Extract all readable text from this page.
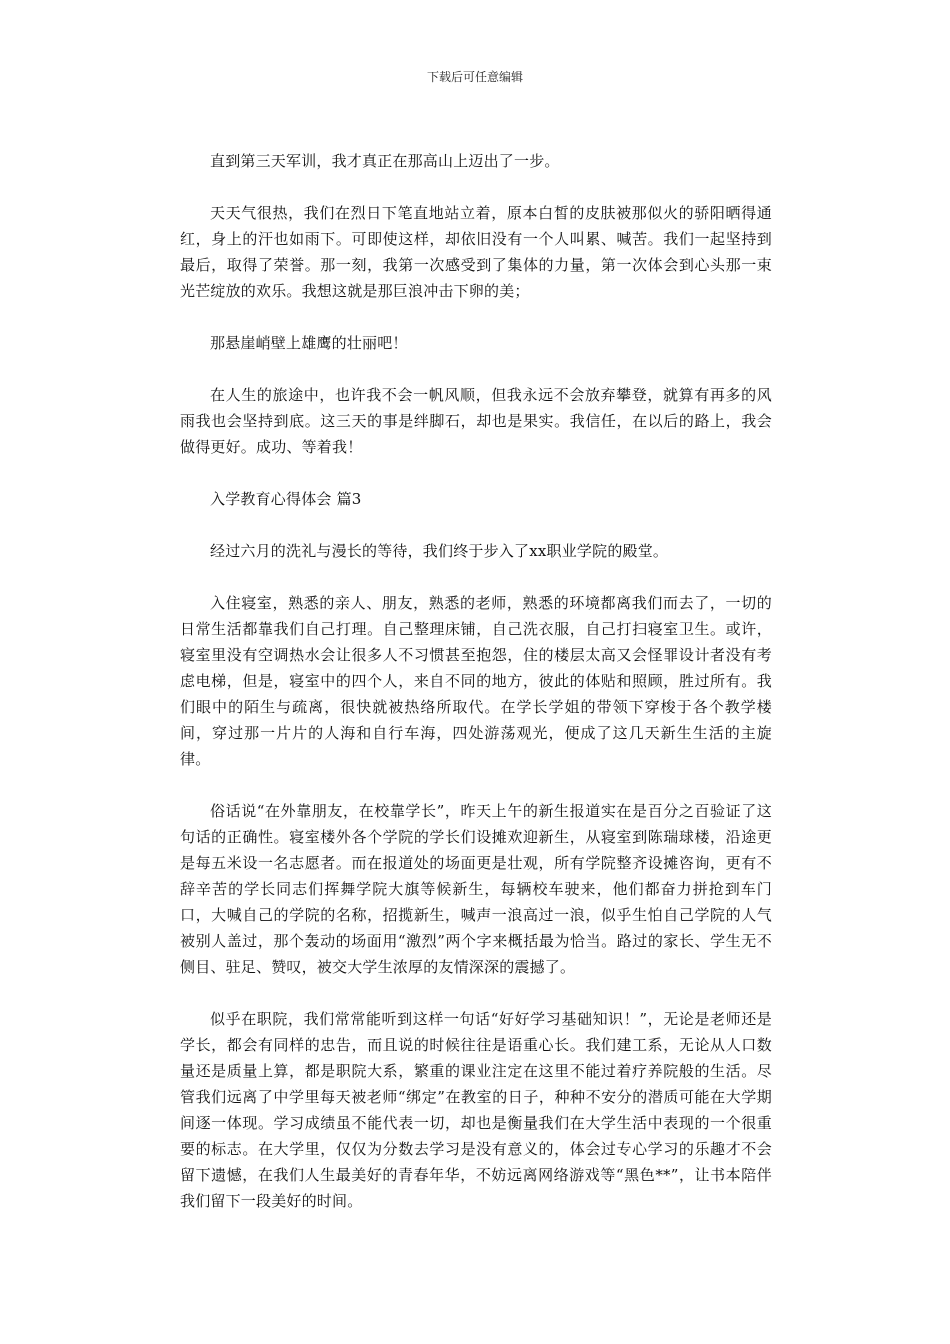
下载后可任意编辑

直到第三天军训，我才真正在那高山上迈出了一步。

天天气很热，我们在烈日下笔直地站立着，原本白皙的皮肤被那似火的骄阳晒得通红，身上的汗也如雨下。可即使这样，却依旧没有一个人叫累、喊苦。我们一起坚持到最后，取得了荣誉。那一刻，我第一次感受到了集体的力量，第一次体会到心头那一束光芒绽放的欢乐。我想这就是那巨浪冲击下卵的美；

那悬崖峭壁上雄鹰的壮丽吧！

在人生的旅途中，也许我不会一帆风顺，但我永远不会放弃攀登，就算有再多的风雨我也会坚持到底。这三天的事是绊脚石，却也是果实。我信任，在以后的路上，我会做得更好。成功、等着我！

入学教育心得体会 篇3

经过六月的洗礼与漫长的等待，我们终于步入了xx职业学院的殿堂。

入住寝室，熟悉的亲人、朋友，熟悉的老师，熟悉的环境都离我们而去了，一切的日常生活都靠我们自己打理。自己整理床铺，自己洗衣服，自己打扫寝室卫生。或许，寝室里没有空调热水会让很多人不习惯甚至抱怨，住的楼层太高又会怪罪设计者没有考虑电梯，但是，寝室中的四个人，来自不同的地方，彼此的体贴和照顾，胜过所有。我们眼中的陌生与疏离，很快就被热络所取代。在学长学姐的带领下穿梭于各个教学楼间，穿过那一片片的人海和自行车海，四处游荡观光，便成了这几天新生生活的主旋律。

俗话说“在外靠朋友，在校靠学长”，昨天上午的新生报道实在是百分之百验证了这句话的正确性。寝室楼外各个学院的学长们设摊欢迎新生，从寝室到陈瑞球楼，沿途更是每五米设一名志愿者。而在报道处的场面更是壮观，所有学院整齐设摊咨询，更有不辞辛苦的学长同志们挥舞学院大旗等候新生，每辆校车驶来，他们都奋力拼抢到车门口，大喊自己的学院的名称，招揽新生，喊声一浪高过一浪，似乎生怕自己学院的人气被别人盖过，那个轰动的场面用“激烈”两个字来概括最为恰当。路过的家长、学生无不侧目、驻足、赞叹，被交大学生浓厚的友情深深的震撼了。

似乎在职院，我们常常能听到这样一句话“好好学习基础知识！”，无论是老师还是学长，都会有同样的忠告，而且说的时候往往是语重心长。我们建工系，无论从人口数量还是质量上算，都是职院大系，繁重的课业注定在这里不能过着疗养院般的生活。尽管我们远离了中学里每天被老师“绑定”在教室的日子，种种不安分的潜质可能在大学期间逐一体现。学习成绩虽不能代表一切，却也是衡量我们在大学生活中表现的一个很重要的标志。在大学里，仅仅为分数去学习是没有意义的，体会过专心学习的乐趣才不会留下遗憾，在我们人生最美好的青春年华，不妨远离网络游戏等“黑色**”，让书本陪伴我们留下一段美好的时间。
